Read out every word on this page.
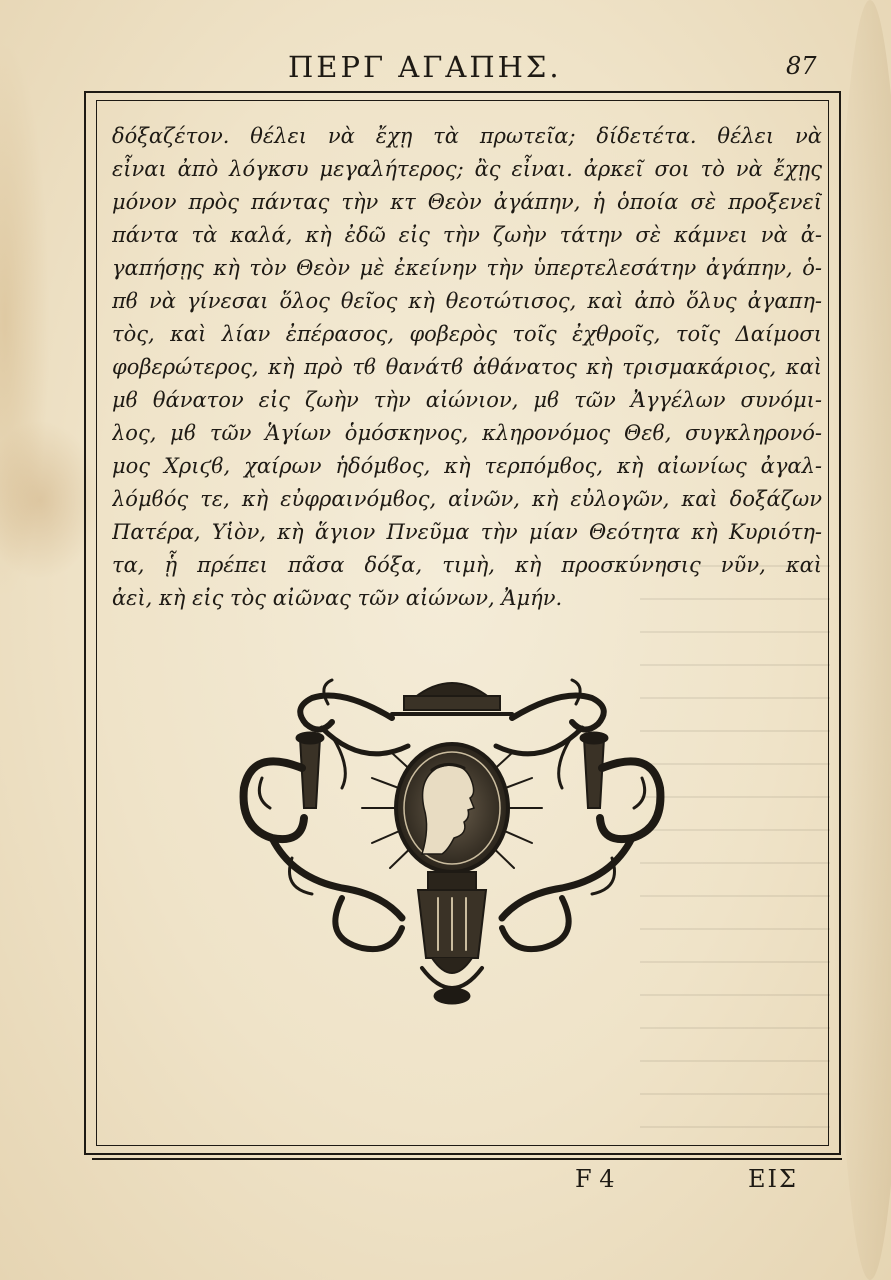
ΠΕΡΓ ΑΓΑΠΗΣ.	87
δόξαζέτον. θέλει νὰ ἔχῃ τὰ πρωτεῖα; δίδετέτα. θέλει νὰ
εἶναι ἀπὸ λόγκσυ μεγαλήτερος; ἂς εἶναι. ἀρκεῖ σοι τὸ νὰ ἔχῃς
μόνον πρὸς πάντας τὴν κτ Θεὸν ἀγάπην, ἡ ὁποία σὲ προξενεῖ
πάντα τὰ καλά, κὴ ἐδῶ εἰς τὴν ζωὴν τάτην σὲ κάμνει νὰ ἀ-
γαπήσῃς κὴ τὸν Θεὸν μὲ ἐκείνην τὴν ὑπερτελεσάτην ἀγάπην, ὁ-
πϐ νὰ γίνεσαι ὅλος θεῖος κὴ θεοτώτισος, καὶ ἀπὸ ὅλυς ἀγαπη-
τὸς, καὶ λίαν ἐπέρασος, φοβερὸς τοῖς ἐχθροῖς, τοῖς Δαίμοσι
φοβερώτερος, κὴ πρὸ τϐ θανάτϐ ἀθάνατος κὴ τρισμακάριος, καὶ
μϐ θάνατον εἰς ζωὴν τὴν αἰώνιον, μϐ τῶν Ἀγγέλων συνόμι-
λος, μϐ τῶν Ἁγίων ὁμόσκηνος, κληρονόμος Θεϐ, συγκληρονό-
μος Χριϛϐ, χαίρων ἡδόμϐος, κὴ τερπόμϐος, κὴ αἰωνίως ἀγαλ-
λόμϐός τε, κὴ εὐφραινόμϐος, αἰνῶν, κὴ εὐλογῶν, καὶ δοξάζων
Πατέρα, Υἱὸν, κὴ ἅγιον Πνεῦμα τὴν μίαν Θεότητα κὴ Κυριότη-
τα, ᾗ πρέπει πᾶσα δόξα, τιμὴ, κὴ προσκύνησις νῦν, καὶ
ἀεὶ, κὴ εἰς τὸς αἰῶνας τῶν αἰώνων, Ἀμήν.
F 4	ΕΙΣ
